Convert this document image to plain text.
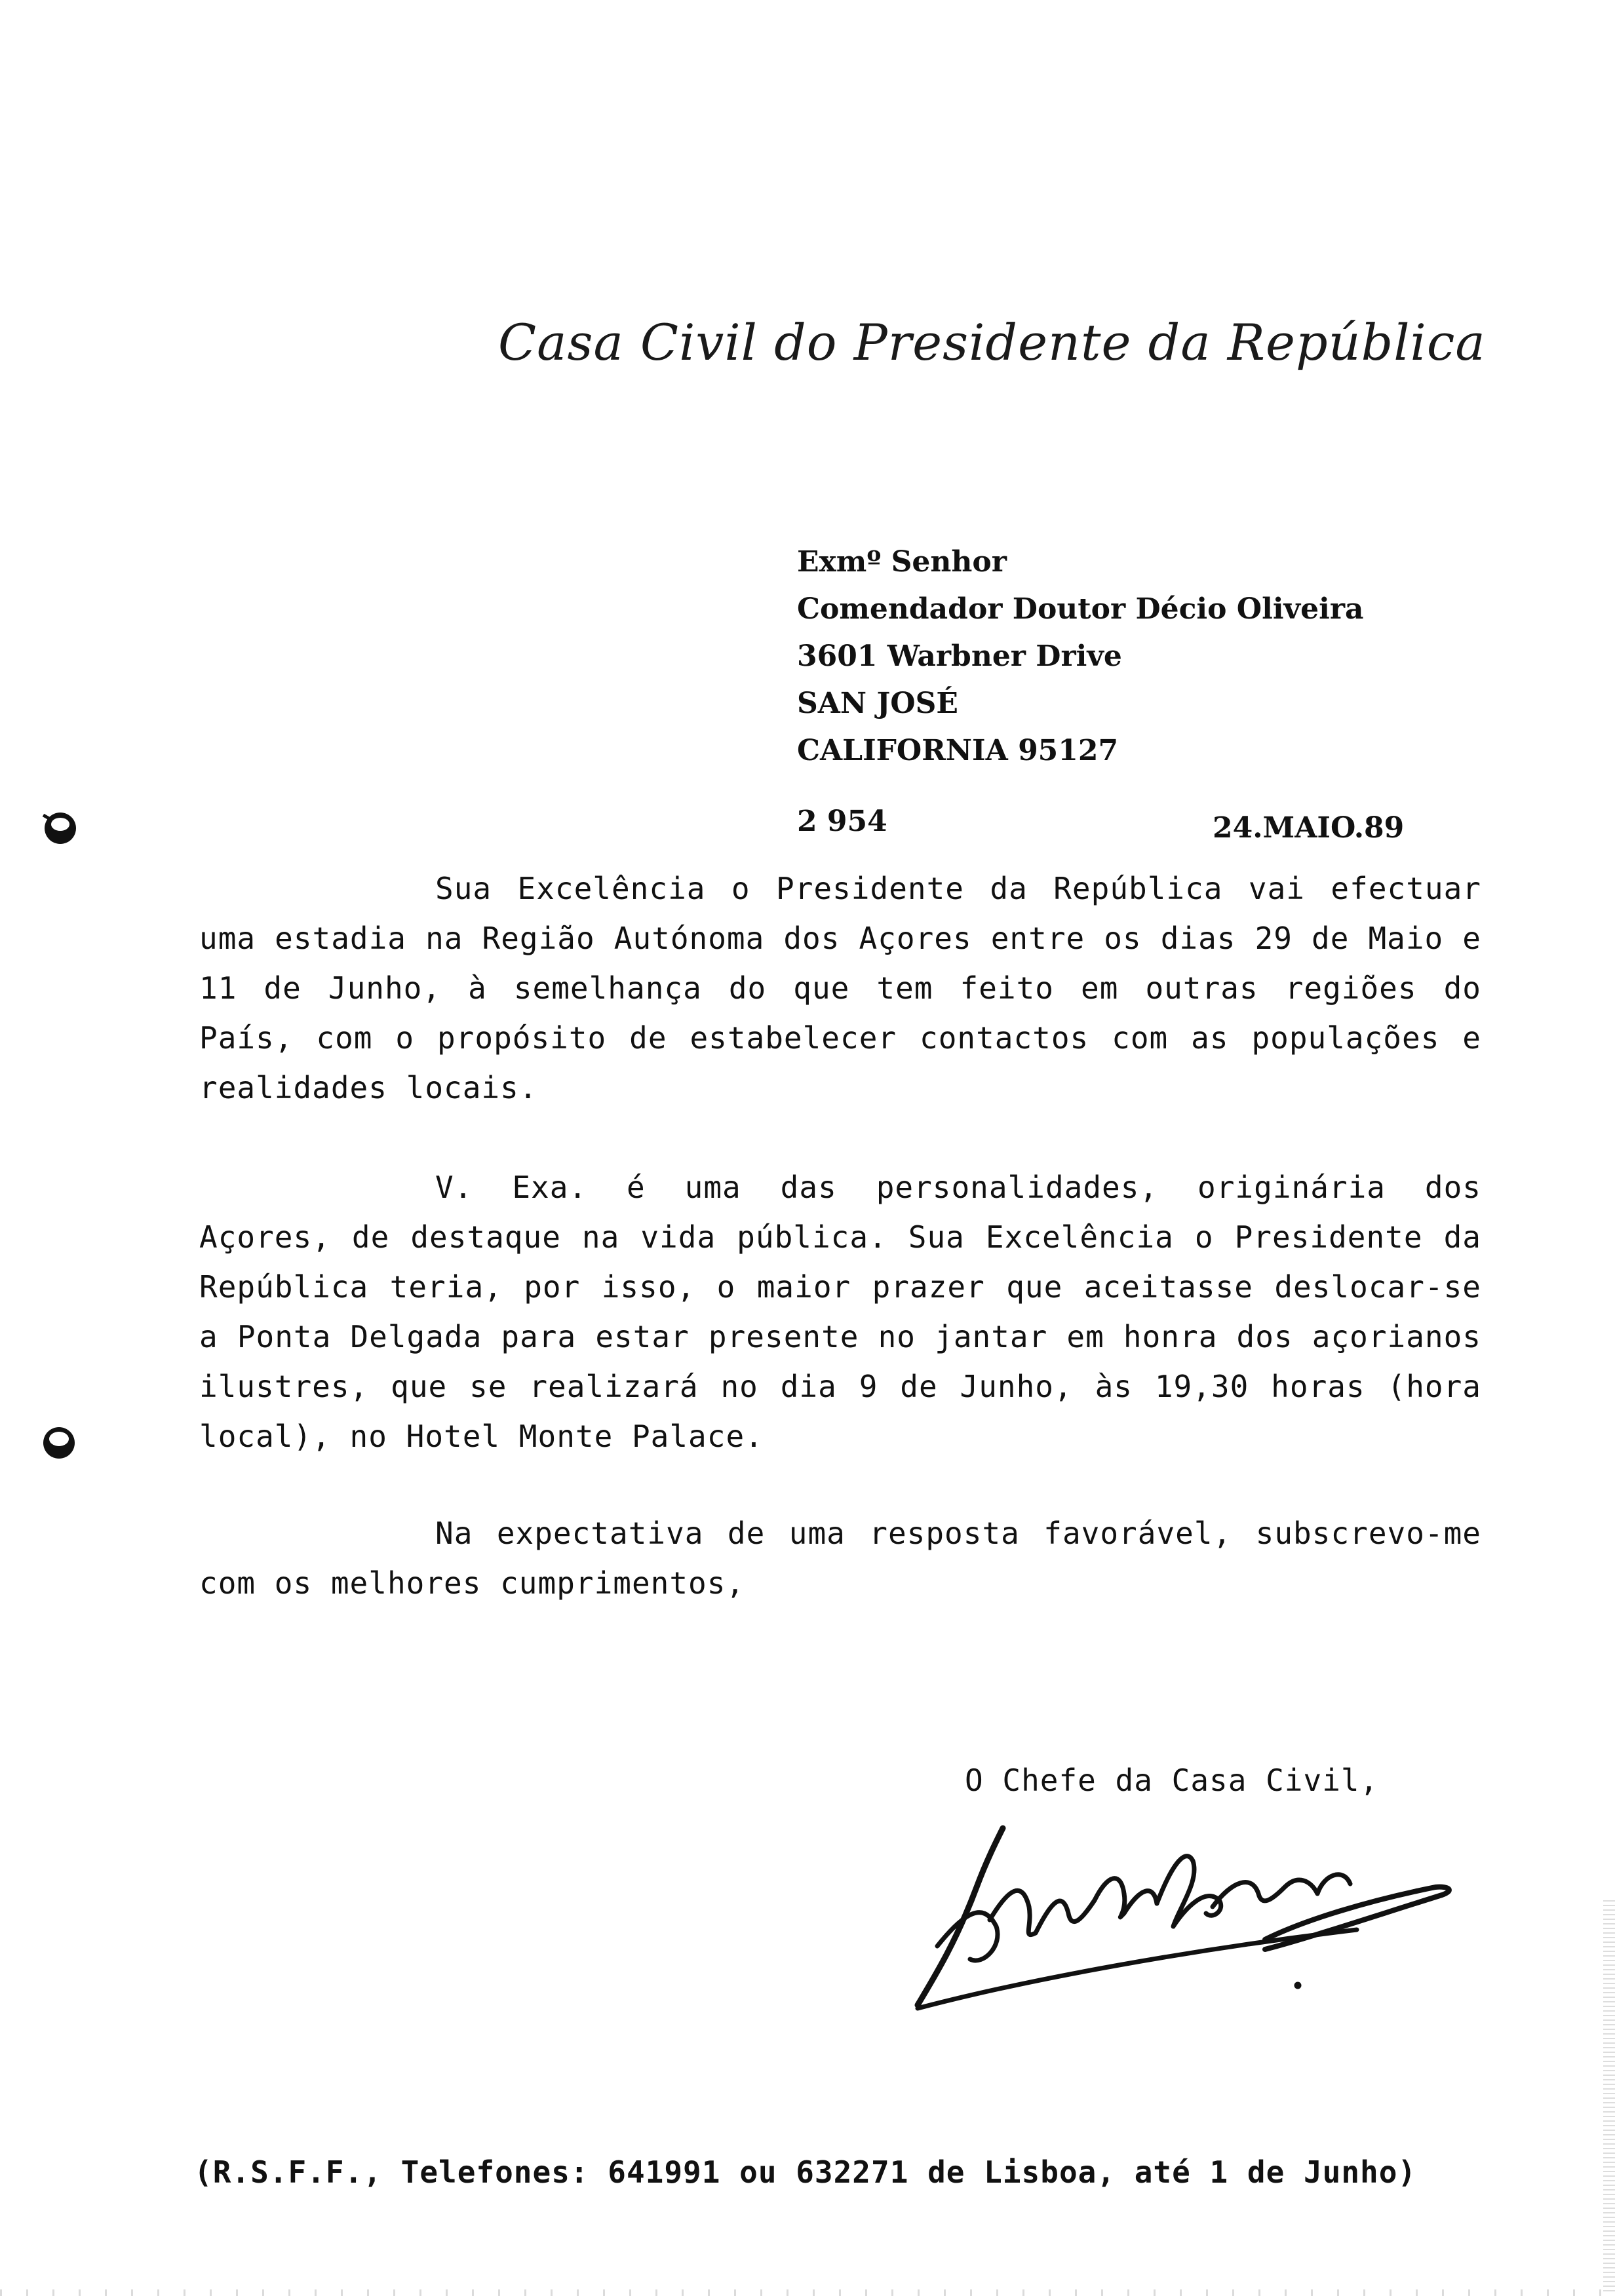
Casa Civil do Presidente da República
Exmº Senhor
Comendador Doutor Décio Oliveira
3601 Warbner Drive
SAN JOSÉ
CALIFORNIA 95127
2 954	24.MAIO.89
Sua Excelência o Presidente da República vai efectuar uma estadia na Região Autónoma dos Açores entre os dias 29 de Maio e 11 de Junho, à semelhança do que tem feito em outras regiões do País, com o propósito de estabelecer contactos com as populações e realidades locais.
V. Exa. é uma das personalidades, originária dos Açores, de destaque na vida pública. Sua Excelência o Presidente da República teria, por isso, o maior prazer que aceitasse deslocar-se a Ponta Delgada para estar presente no jantar em honra dos açorianos ilustres, que se realizará no dia 9 de Junho, às 19,30 horas (hora local), no Hotel Monte Palace.
Na expectativa de uma resposta favorável, subscrevo-me com os melhores cumprimentos,
O Chefe da Casa Civil,
(R.S.F.F., Telefones: 641991 ou 632271 de Lisboa, até 1 de Junho)
